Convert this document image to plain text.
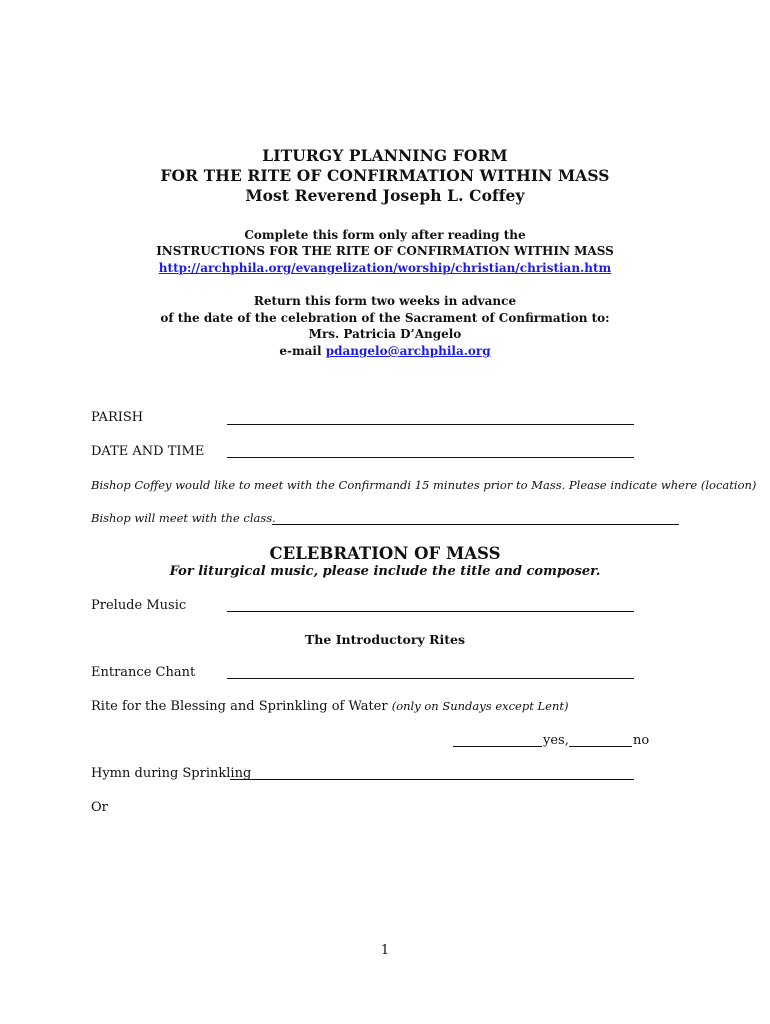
LITURGY PLANNING FORM
FOR THE RITE OF CONFIRMATION WITHIN MASS
Most Reverend Joseph L. Coffey
Complete this form only after reading the
INSTRUCTIONS FOR THE RITE OF CONFIRMATION WITHIN MASS
http://archphila.org/evangelization/worship/christian/christian.htm
Return this form two weeks in advance
of the date of the celebration of the Sacrament of Confirmation to:
Mrs. Patricia D’Angelo
e-mail pdangelo@archphila.org
PARISH
DATE AND TIME
Bishop Coffey would like to meet with the Confirmandi 15 minutes prior to Mass. Please indicate where (location)
Bishop will meet with the class.
CELEBRATION OF MASS
For liturgical music, please include the title and composer.
Prelude Music
The Introductory Rites
Entrance Chant
Rite for the Blessing and Sprinkling of Water (only on Sundays except Lent)
yes,	no
Hymn during Sprinkling
Or
1
